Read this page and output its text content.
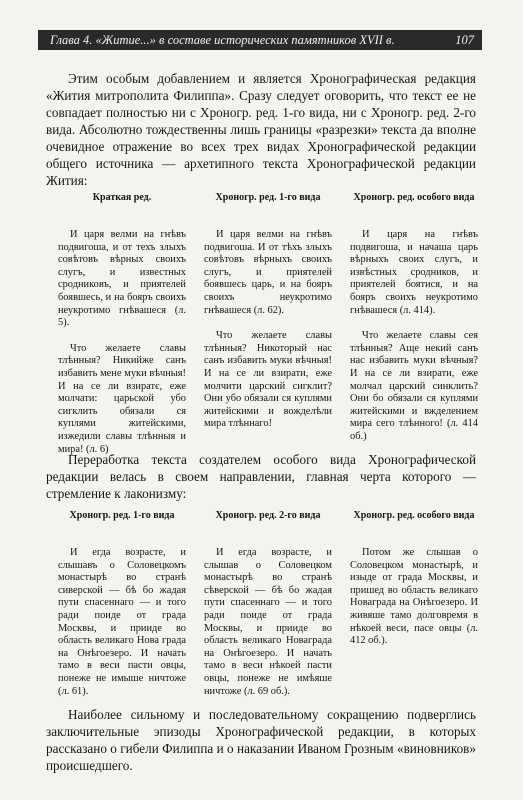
Глава 4. «Житие...» в составе исторических памятников XVII в.	107

Этим особым добавлением и является Хронографическая редакция «Жития митрополита Филиппа». Сразу следует оговорить, что текст ее не совпадает полностью ни с Хроногр. ред. 1-го вида, ни с Хроногр. ред. 2-го вида. Абсолютно тождественны лишь границы «разрезки» текста да вполне очевидное отражение во всех трех видах Хронографической редакции общего источника — архетипного текста Хронографической редакции Жития:

Краткая ред.

И царя велми на гнѣвъ подвигоша, и от техъ злыхъ совѣтовъ вѣрных своихъ слугъ, и известных сродниковъ, и приятелей боявшесь, и на бояръ своихъ неукротимо гнѣвашеся (л. 5).

Что желаете славы тлѣнныя? Никийже санъ избавить мене муки вѣчныя! И на се ли взиратє, еже молчати: царьской убо сигклить обязали ся куплями житейскими, изжедили славы тлѣнныя и мира! (л. 6)

Хроногр. ред. 1-го вида

И царя велми на гнѣвъ подвигоша. И от тѣхъ злыхъ совѣтовъ вѣрныхъ своихъ слугъ, и приятелей боявшесь царь, и на бояръ своихъ неукротимо гнѣвашеся (л. 62).

Что желаете славы тлѣнныя? Никоторый нас санъ избавить муки вѣчныя! И на се ли взирати, еже молчити царский сигклит? Они убо обязали ся куплями житейскими и вожделѣли мира тлѣннаго!

Хроногр. ред. особого вида

И царя на гнѣвъ подвигоша, и начаша царь вѣрныхъ своих слугъ, и извѣстных сродников, и приятелей боятися, и на бояръ своихъ неукротимо гнѣвашеся (л. 414).

Что желаете славы сея тлѣнныя? Аще некий санъ нас избавить муки вѣчныя? И на се ли взирати, еже молчал царский синклить? Они бо обязали ся куплями житейскими и вжделением мира сего тлѣнного! (л. 414 об.)

Переработка текста создателем особого вида Хронографической редакции велась в своем направлении, главная черта которого — стремление к лаконизму:

Хроногр. ред. 1-го вида

И егда возрасте, и слышавъ о Соловецкомъ монастырѣ во странѣ сиверской — бѣ бо жадая пути спасеннаго — и того ради поиде от града Москвы, и прииде во область великаго Нова града на Онѣгоезеро. И начать тамо в веси пасти овцы, понеже не имыше ничтоже (л. 61).

Хроногр. ред. 2-го вида

И егда возрасте, и слышав о Соловецком монастырѣ во странѣ сѣверской — бѣ бо жадая пути спасеннаго — и того ради поиде от града Москвы, и прииде во область великаго Новаграда на Онѣгоезеро. И начать тамо в веси нѣкоей пасти овцы, понеже не имѣяше ничтоже (л. 69 об.).

Хроногр. ред. особого вида

Потом же слышав о Соловецком монастырѣ, и изыде от града Москвы, и пришед во область великаго Новаграда на Онѣгоезеро. И живяше тамо долговремя в нѣкоей веси, пасе овцы (л. 412 об.).

Наиболее сильному и последовательному сокращению подверглись заключительные эпизоды Хронографической редакции, в которых рассказано о гибели Филиппа и о наказании Иваном Грозным «виновников» происшедшего.
